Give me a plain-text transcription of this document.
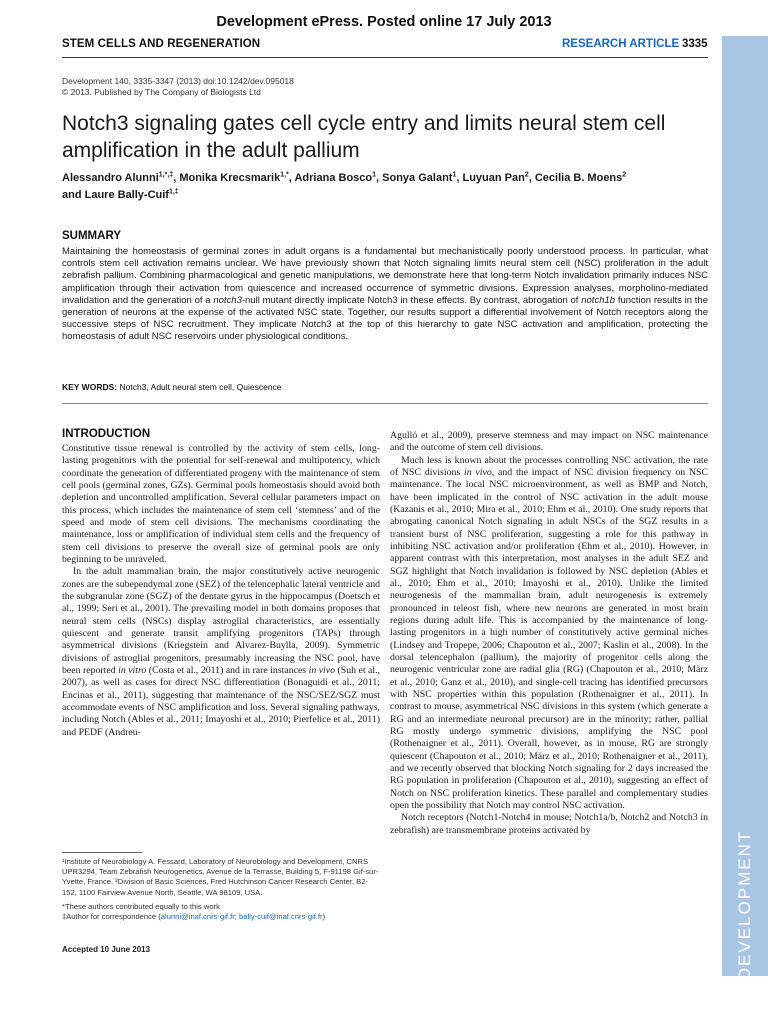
Development ePress. Posted online 17 July 2013
STEM CELLS AND REGENERATION	RESEARCH ARTICLE 3335
DEVELOPMENT
Development 140, 3335-3347 (2013) doi:10.1242/dev.095018
© 2013. Published by The Company of Biologists Ltd
Notch3 signaling gates cell cycle entry and limits neural stem cell amplification in the adult pallium
Alessandro Alunni$^{1,*,\ddagger}$, Monika Krecsmarik$^{1,*}$, Adriana Bosco$^1$, Sonya Galant$^1$, Luyuan Pan$^2$, Cecilia B. Moens$^2$
and Laure Bally-Cuif$^{1,\ddagger}$
SUMMARY

Maintaining the homeostasis of germinal zones in adult organs is a fundamental but mechanistically poorly understood process. In particular, what controls stem cell activation remains unclear. We have previously shown that Notch signaling limits neural stem cell (NSC) proliferation in the adult zebrafish pallium. Combining pharmacological and genetic manipulations, we demonstrate here that long-term Notch invalidation primarily induces NSC amplification through their activation from quiescence and increased occurrence of symmetric divisions. Expression analyses, morpholino-mediated invalidation and the generation of a notch3-null mutant directly implicate Notch3 in these effects. By contrast, abrogation of notch1b function results in the generation of neurons at the expense of the activated NSC state. Together, our results support a differential involvement of Notch receptors along the successive steps of NSC recruitment. They implicate Notch3 at the top of this hierarchy to gate NSC activation and amplification, protecting the homeostasis of adult NSC reservoirs under physiological conditions.

KEY WORDS: Notch3, Adult neural stem cell, Quiescence
INTRODUCTION

Constitutive tissue renewal is controlled by the activity of stem cells, long-lasting progenitors with the potential for self-renewal and multipotency, which coordinate the generation of differentiated progeny with the maintenance of stem cell pools (germinal zones, GZs). Germinal pools homeostasis should avoid both depletion and uncontrolled amplification. Several cellular parameters impact on this process, which includes the maintenance of stem cell ‘stemness’ and of the speed and mode of stem cell divisions. The mechanisms coordinating the maintenance, loss or amplification of individual stem cells and the frequency of stem cell divisions to preserve the overall size of germinal pools are only beginning to be unraveled.

In the adult mammalian brain, the major constitutively active neurogenic zones are the subependymal zone (SEZ) of the telencephalic lateral ventricle and the subgranular zone (SGZ) of the dentate gyrus in the hippocampus (Doetsch et al., 1999; Seri et al., 2001). The prevailing model in both domains proposes that neural stem cells (NSCs) display astroglial characteristics, are essentially quiescent and generate transit amplifying progenitors (TAPs) through asymmetrical divisions (Kriegstein and Alvarez-Buylla, 2009). Symmetric divisions of astroglial progenitors, presumably increasing the NSC pool, have been reported in vitro (Costa et al., 2011) and in rare instances in vivo (Suh et al., 2007), as well as cases for direct NSC differentiation (Bonaguidi et al., 2011; Encinas et al., 2011), suggesting that maintenance of the NSC/SEZ/SGZ must accommodate events of NSC amplification and loss. Several signaling pathways, including Notch (Ables et al., 2011; Imayoshi et al., 2010; Pierfelice et al., 2011) and PEDF (Andreu-

Agulló et al., 2009), preserve stemness and may impact on NSC maintenance and the outcome of stem cell divisions.

Much less is known about the processes controlling NSC activation, the rate of NSC divisions in vivo, and the impact of NSC division frequency on NSC maintenance. The local NSC microenvironment, as well as BMP and Notch, have been implicated in the control of NSC activation in the adult mouse (Kazanis et al., 2010; Mira et al., 2010; Ehm et al., 2010). One study reports that abrogating canonical Notch signaling in adult NSCs of the SGZ results in a transient burst of NSC proliferation, suggesting a role for this pathway in inhibiting NSC activation and/or proliferation (Ehm et al., 2010). However, in apparent contrast with this interpretation, most analyses in the adult SEZ and SGZ highlight that Notch invalidation is followed by NSC depletion (Ables et al., 2010; Ehm et al., 2010; Imayoshi et al., 2010). Unlike the limited neurogenesis of the mammalian brain, adult neurogenesis is extremely pronounced in teleost fish, where new neurons are generated in most brain regions during adult life. This is accompanied by the maintenance of long-lasting progenitors in a high number of constitutively active germinal niches (Lindsey and Tropepe, 2006; Chapouton et al., 2007; Kaslin et al., 2008). In the dorsal telencephalon (pallium), the majority of progenitor cells along the neurogenic ventricular zone are radial glia (RG) (Chapouton et al., 2010; März et al., 2010; Ganz et al., 2010), and single-cell tracing has identified precursors with NSC properties within this population (Rothenaigner et al., 2011). In contrast to mouse, asymmetrical NSC divisions in this system (which generate a RG and an intermediate neuronal precursor) are in the minority; rather, pallial RG mostly undergo symmetric divisions, amplifying the NSC pool (Rothenaigner et al., 2011). Overall, however, as in mouse, RG are strongly quiescent (Chapouton et al., 2010; März et al., 2010; Rothenaigner et al., 2011), and we recently observed that blocking Notch signaling for 2 days increased the RG population in proliferation (Chapouton et al., 2010), suggesting an effect of Notch on NSC proliferation kinetics. These parallel and complementary studies open the possibility that Notch may control NSC activation.

Notch receptors (Notch1-Notch4 in mouse; Notch1a/b, Notch2 and Notch3 in zebrafish) are transmembrane proteins activated by

¹Institute of Neurobiology A. Fessard, Laboratory of Neurobiology and Development, CNRS UPR3294, Team Zebrafish Neurogenetics, Avenue de la Terrasse, Building 5, F-91198 Gif-sur-Yvette, France. ²Division of Basic Sciences, Fred Hutchinson Cancer Research Center, B2-152, 1100 Fairview Avenue North, Seattle, WA 98109, USA.

*These authors contributed equally to this work

‡Author for correspondence (alunni@inaf.cnrs-gif.fr; bally-cuif@inaf.cnrs-gif.fr)

Accepted 10 June 2013
